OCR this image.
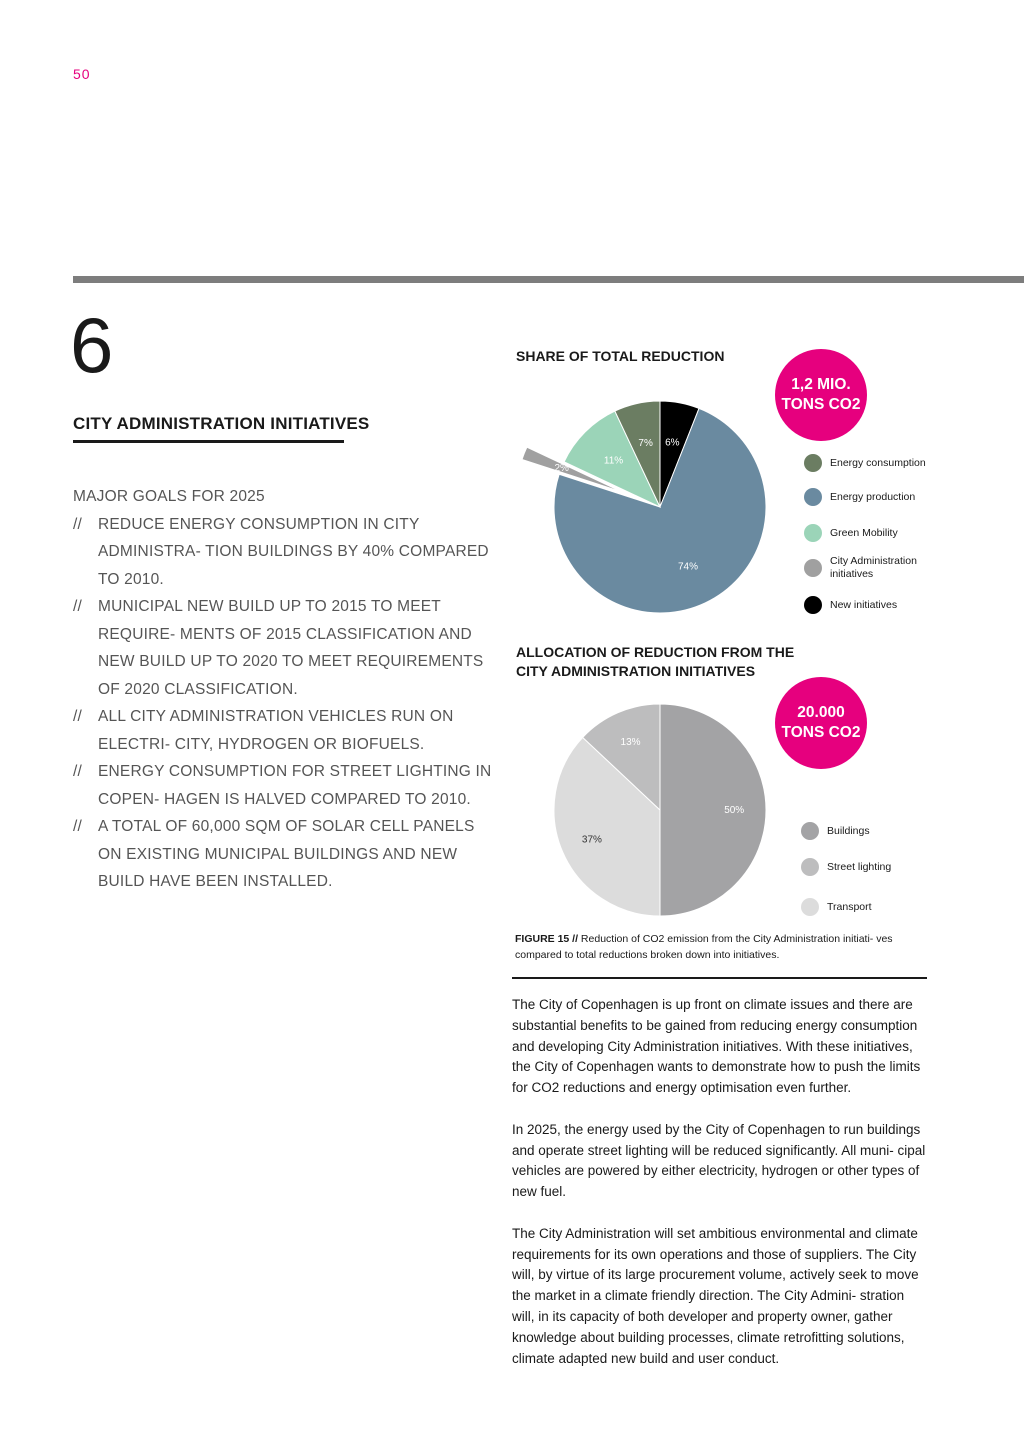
50
6
CITY ADMINISTRATION INITIATIVES
MAJOR GOALS FOR 2025
//	REDUCE ENERGY CONSUMPTION IN CITY ADMINISTRA- TION BUILDINGS BY 40% COMPARED TO 2010.
//	MUNICIPAL NEW BUILD UP TO 2015 TO MEET REQUIRE- MENTS OF 2015 CLASSIFICATION AND NEW BUILD UP TO 2020 TO MEET REQUIREMENTS OF 2020 CLASSIFICATION.
//	ALL CITY ADMINISTRATION VEHICLES RUN ON ELECTRI- CITY, HYDROGEN OR BIOFUELS.
//	ENERGY CONSUMPTION FOR STREET LIGHTING IN COPEN- HAGEN IS HALVED COMPARED TO 2010.
//	A TOTAL OF 60,000 SQM OF SOLAR CELL PANELS ON EXISTING MUNICIPAL BUILDINGS AND NEW BUILD HAVE BEEN INSTALLED.
SHARE OF TOTAL REDUCTION
1,2 MIO.
TONS CO2
6%
74%
2%
11%
7%
Energy consumption
Energy production
Green Mobility
City Administration initiatives
New initiatives
ALLOCATION OF REDUCTION FROM THE CITY ADMINISTRATION INITIATIVES
20.000
TONS CO2
50%
37%
13%
Buildings
Street lighting
Transport
FIGURE 15 // Reduction of CO2 emission from the City Administration initiati- ves compared to total reductions broken down into initiatives.

The City of Copenhagen is up front on climate issues and there are substantial benefits to be gained from reducing energy consumption and developing City Administration initiatives. With these initiatives, the City of Copenhagen wants to demonstrate how to push the limits for CO2 reductions and energy optimisation even further.

In 2025, the energy used by the City of Copenhagen to run buildings and operate street lighting will be reduced significantly. All muni- cipal vehicles are powered by either electricity, hydrogen or other types of new fuel.

The City Administration will set ambitious environmental and climate requirements for its own operations and those of suppliers. The City will, by virtue of its large procurement volume, actively seek to move the market in a climate friendly direction. The City Admini- stration will, in its capacity of both developer and property owner, gather knowledge about building processes, climate retrofitting solutions, climate adapted new build and user conduct.
